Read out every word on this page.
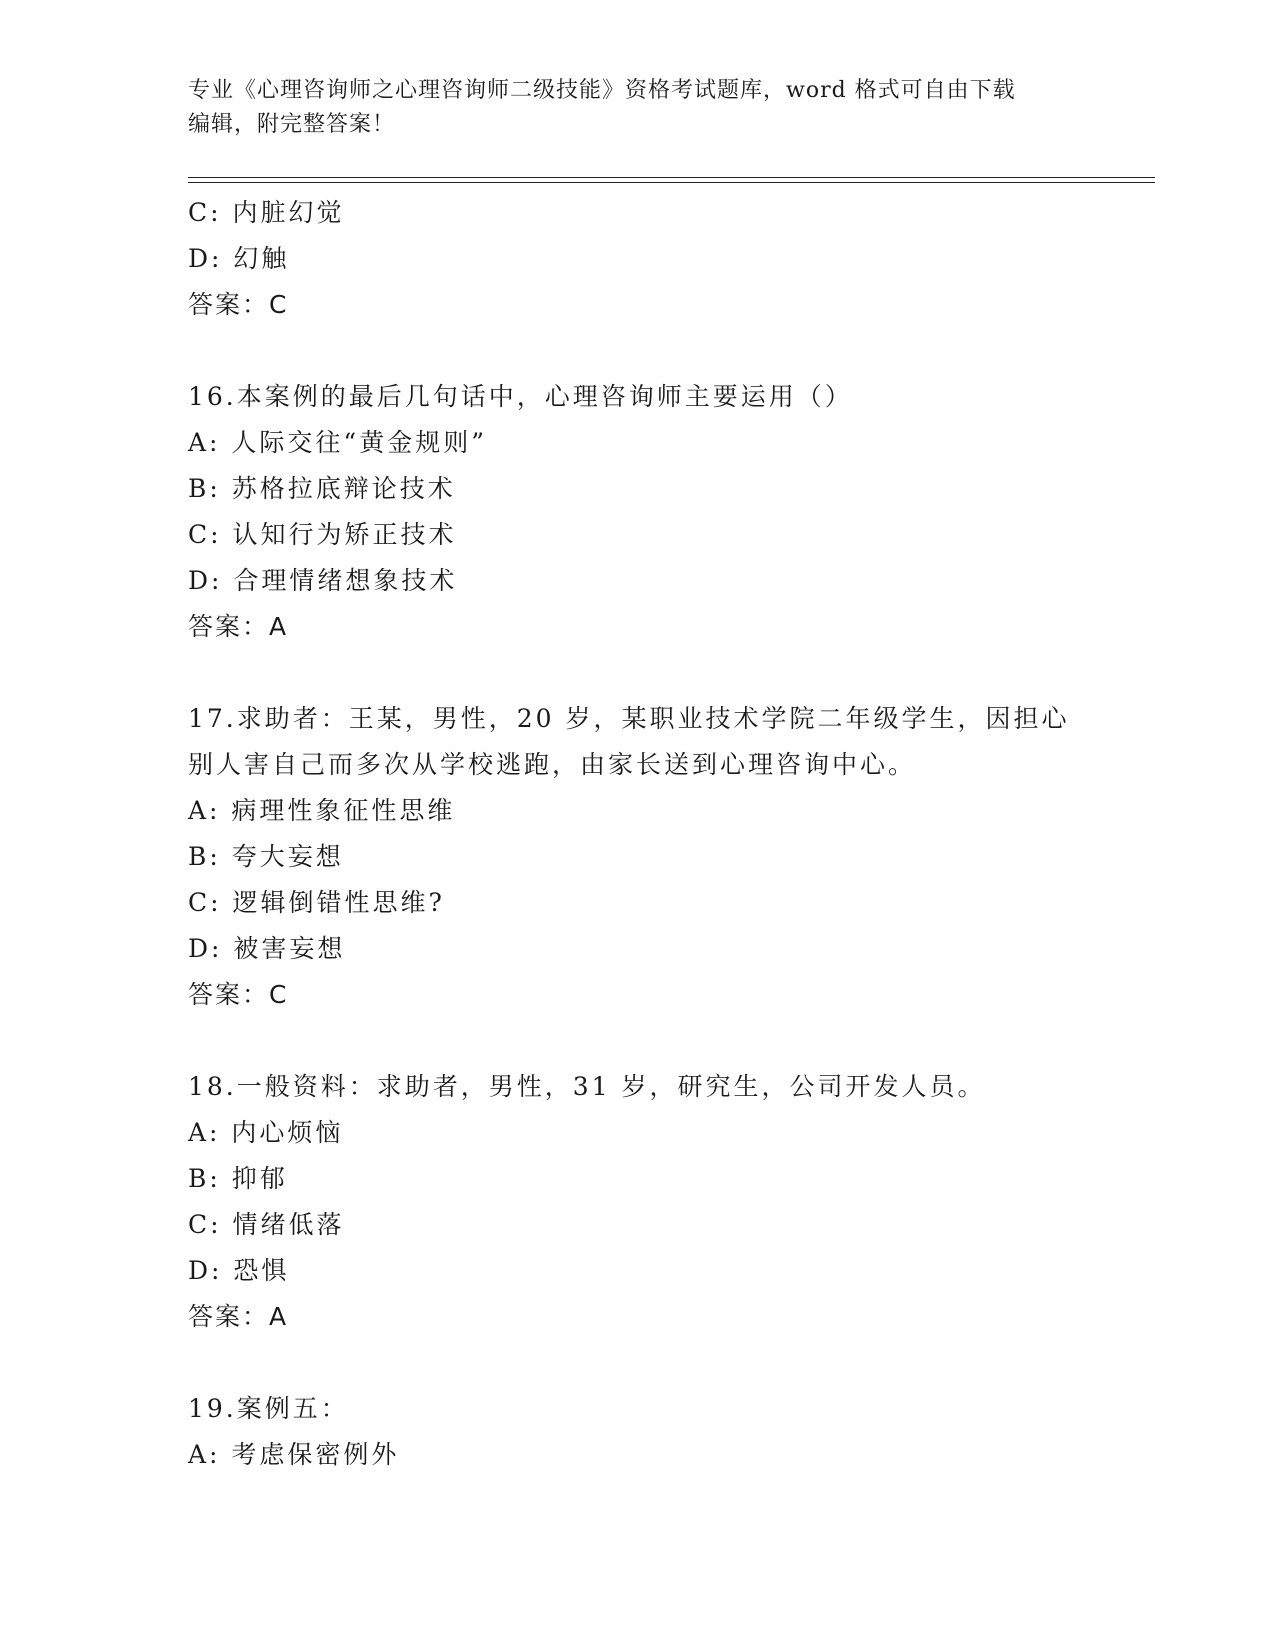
专业《心理咨询师之心理咨询师二级技能》资格考试题库，word 格式可自由下载
编辑，附完整答案！
C: 内脏幻觉
D: 幻触
答案：C
16.本案例的最后几句话中，心理咨询师主要运用（）
A: 人际交往“黄金规则”
B: 苏格拉底辩论技术
C: 认知行为矫正技术
D: 合理情绪想象技术
答案：A
17.求助者：王某，男性，20 岁，某职业技术学院二年级学生，因担心
别人害自己而多次从学校逃跑，由家长送到心理咨询中心。
A: 病理性象征性思维
B: 夸大妄想
C: 逻辑倒错性思维?
D: 被害妄想
答案：C
18.一般资料：求助者，男性，31 岁，研究生，公司开发人员。
A: 内心烦恼
B: 抑郁
C: 情绪低落
D: 恐惧
答案：A
19.案例五：
A: 考虑保密例外
